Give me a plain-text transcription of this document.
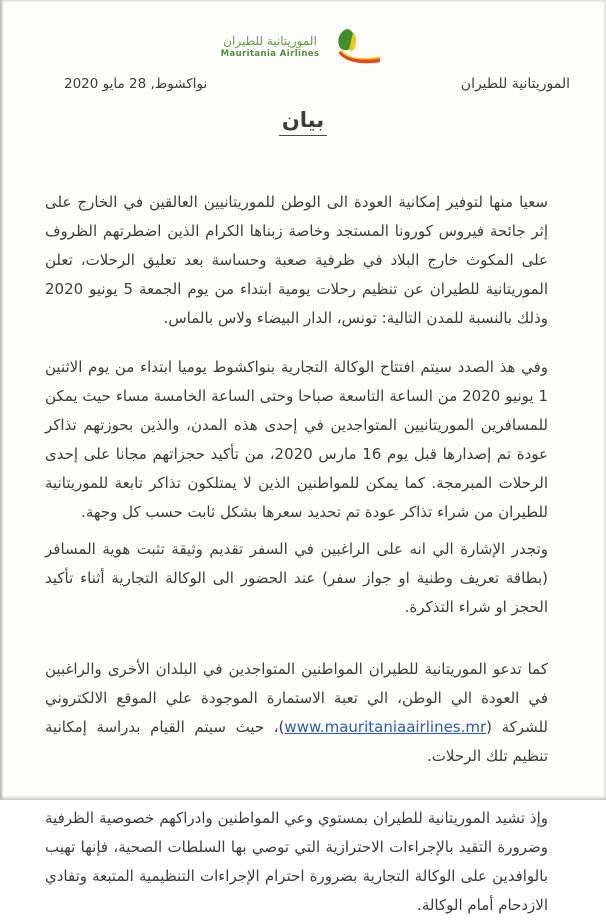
الموريتانية للطيران
Mauritania Airlines
الموريتانية للطيران
نواكشوط, 28 مايو 2020
بيان

سعيا منها لتوفير إمكانية العودة الى الوطن للموريتانيين العالقين في الخارج على إثر جائحة فيروس كورونا المستجد وخاصة زبناها الكرام الذين اضطرتهم الظروف على المكوث خارج البلاد في ظرفية صعبة وحساسة بعد تعليق الرحلات، تعلن الموريتانية للطيران عن تنظيم رحلات يومية ابتداء من يوم الجمعة 5 يونيو 2020 وذلك بالنسبة للمدن التالية: تونس، الدار البيضاء ولاس بالماس.

وفي هذ الصدد سيتم افتتاح الوكالة التجارية بنواكشوط يوميا ابتداء من يوم الاثنين 1 يونيو 2020 من الساعة التاسعة صباحا وحتى الساعة الخامسة مساء حيث يمكن للمسافرين الموريتانيين المتواجدين في إحدى هذه المدن، والذين بحوزتهم تذاكر عودة تم إصدارها قبل يوم 16 مارس 2020، من تأكيد حجزاتهم مجانا على إحدى الرحلات المبرمجة. كما يمكن للمواطنين الذين لا يمتلكون تذاكر تابعة للموريتانية للطيران من شراء تذاكر عودة تم تحديد سعرها بشكل ثابت حسب كل وجهة.

وتجدر الإشارة الي انه على الراغبين في السفر تقديم وثيقة تثبت هوية المسافر (بطاقة تعريف وطنية او جواز سفر) عند الحضور الى الوكالة التجارية أثناء تأكيد الحجز او شراء التذكرة.

كما تدعو الموريتانية للطيران المواطنين المتواجدين في البلدان الأخرى والراغبين في العودة الي الوطن، الي تعبة الاستمارة الموجودة علي الموقع الالكتروني للشركة (www.mauritaniaairlines.mr)، حيث سيتم القيام بدراسة إمكانية تنظيم تلك الرحلات.

وإذ تشيد الموريتانية للطيران بمستوي وعي المواطنين وادراكهم خصوصية الظرفية وضرورة التقيد بالإجراءات الاحترازية التي توصي بها السلطات الصحية، فإنها تهيب بالوافدين على الوكالة التجارية بضرورة احترام الإجراءات التنظيمية المتبعة وتفادي الازدحام أمام الوكالة.
